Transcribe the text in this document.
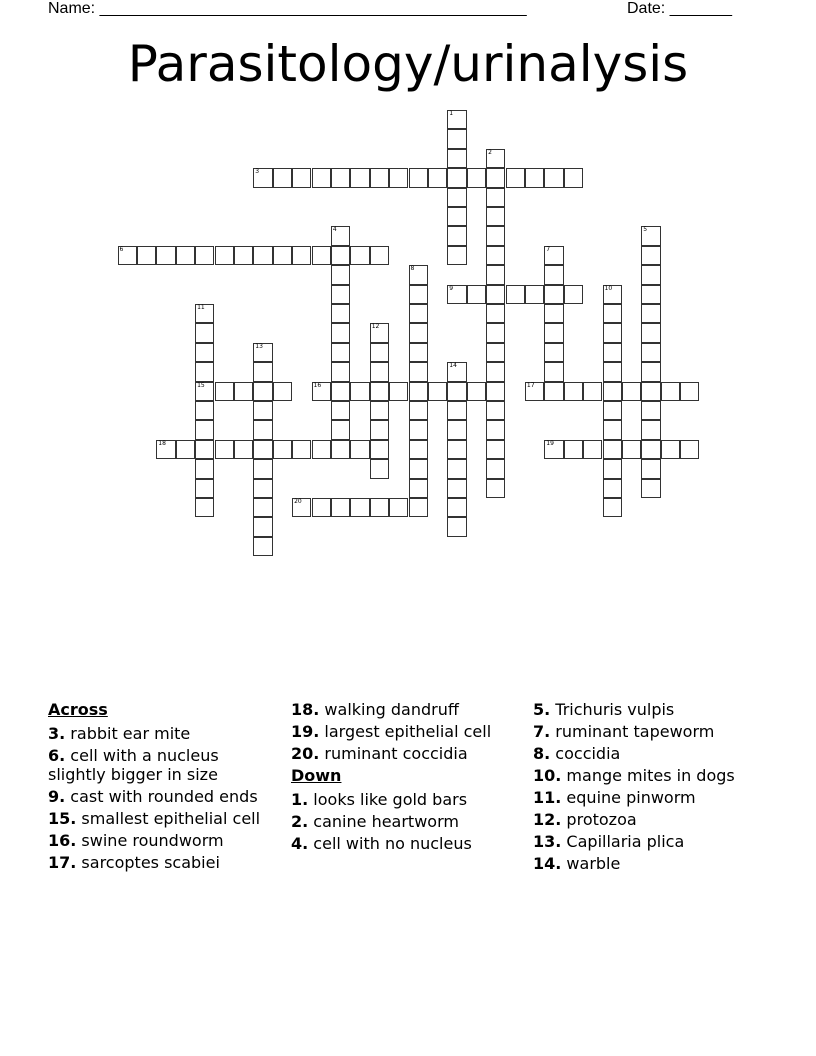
Name: ________________________________________________	Date: _______
Parasitology/urinalysis
1
2
3
4	5
6	7
8
9	10
11
15
12
13
14
16	17
18	19
20
Across
3. rabbit ear mite
6. cell with a nucleus slightly bigger in size
9. cast with rounded ends
15. smallest epithelial cell
16. swine roundworm
17. sarcoptes scabiei
18. walking dandruff
19. largest epithelial cell
20. ruminant coccidia
Down
1. looks like gold bars
2. canine heartworm
4. cell with no nucleus
5. Trichuris vulpis
7. ruminant tapeworm
8. coccidia
10. mange mites in dogs
11. equine pinworm
12. protozoa
13. Capillaria plica
14. warble
